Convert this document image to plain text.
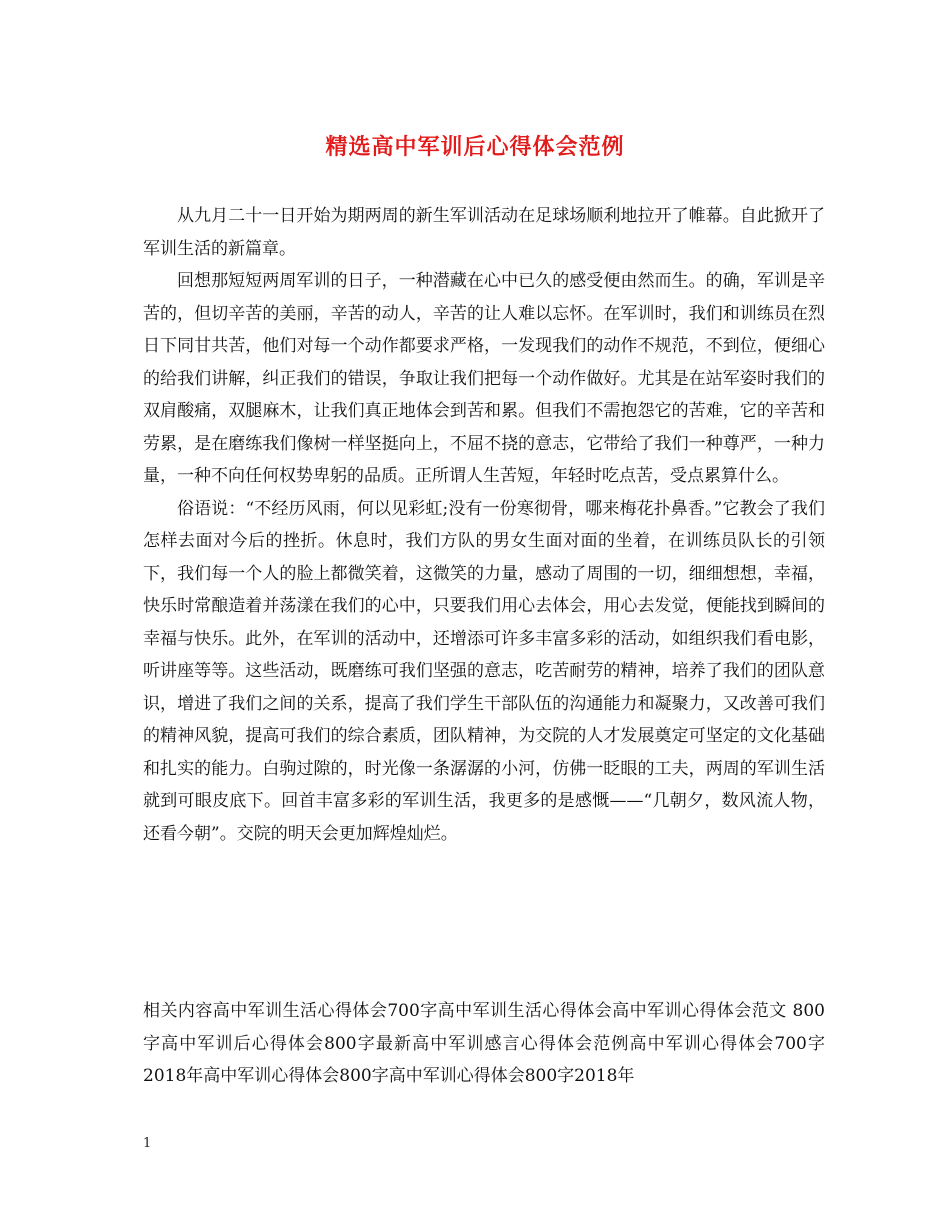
精选高中军训后心得体会范例

从九月二十一日开始为期两周的新生军训活动在足球场顺利地拉开了帷幕。自此掀开了军训生活的新篇章。

回想那短短两周军训的日子，一种潜藏在心中已久的感受便由然而生。的确，军训是辛苦的，但切辛苦的美丽，辛苦的动人，辛苦的让人难以忘怀。在军训时，我们和训练员在烈日下同甘共苦，他们对每一个动作都要求严格，一发现我们的动作不规范，不到位，便细心的给我们讲解，纠正我们的错误，争取让我们把每一个动作做好。尤其是在站军姿时我们的双肩酸痛，双腿麻木，让我们真正地体会到苦和累。但我们不需抱怨它的苦难，它的辛苦和劳累，是在磨练我们像树一样坚挺向上，不屈不挠的意志，它带给了我们一种尊严，一种力量，一种不向任何权势卑躬的品质。正所谓人生苦短，年轻时吃点苦，受点累算什么。

俗语说：“不经历风雨，何以见彩虹;没有一份寒彻骨，哪来梅花扑鼻香。”它教会了我们怎样去面对今后的挫折。休息时，我们方队的男女生面对面的坐着，在训练员队长的引领下，我们每一个人的脸上都微笑着，这微笑的力量，感动了周围的一切，细细想想，幸福，快乐时常酿造着并荡漾在我们的心中，只要我们用心去体会，用心去发觉，便能找到瞬间的幸福与快乐。此外，在军训的活动中，还增添可许多丰富多彩的活动，如组织我们看电影，听讲座等等。这些活动，既磨练可我们坚强的意志，吃苦耐劳的精神，培养了我们的团队意识，增进了我们之间的关系，提高了我们学生干部队伍的沟通能力和凝聚力，又改善可我们的精神风貌，提高可我们的综合素质，团队精神，为交院的人才发展奠定可坚定的文化基础和扎实的能力。白驹过隙的，时光像一条潺潺的小河，仿佛一眨眼的工夫，两周的军训生活就到可眼皮底下。回首丰富多彩的军训生活，我更多的是感慨——“几朝夕，数风流人物，还看今朝”。交院的明天会更加辉煌灿烂。

相关内容高中军训生活心得体会700字高中军训生活心得体会高中军训心得体会范文 800字高中军训后心得体会800字最新高中军训感言心得体会范例高中军训心得体会700字2018年高中军训心得体会800字高中军训心得体会800字2018年

1
